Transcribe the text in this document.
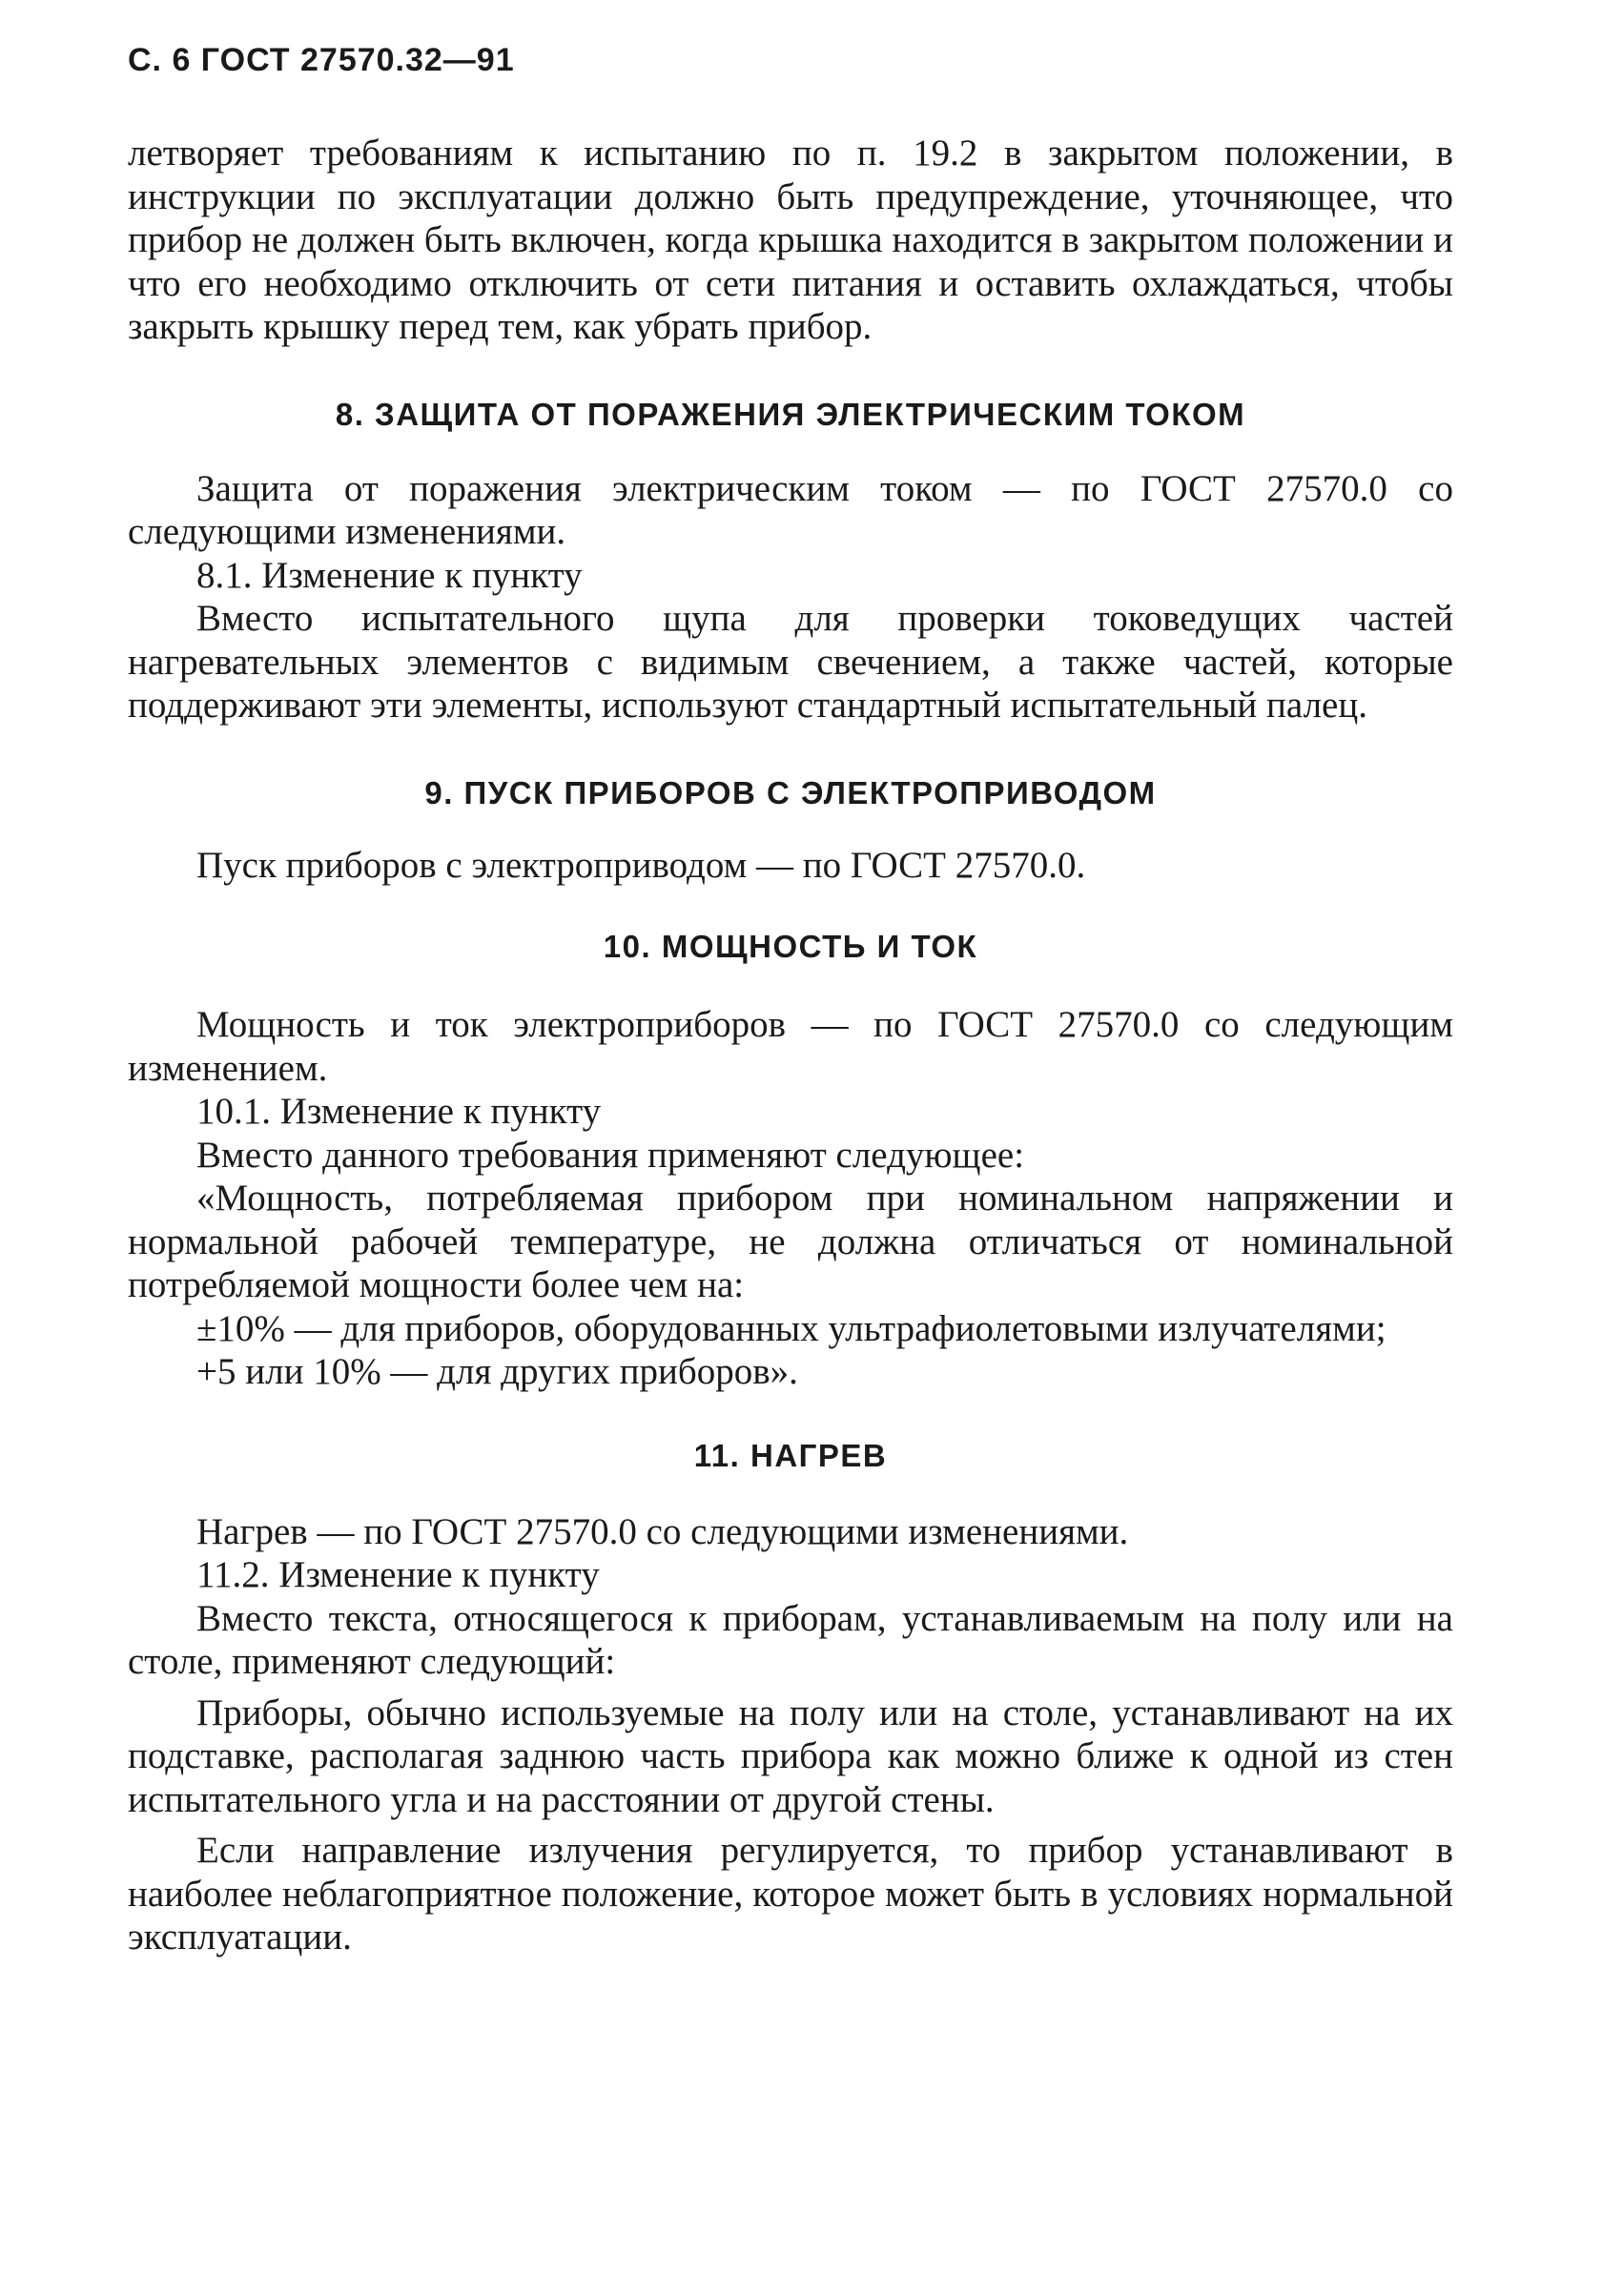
С. 6 ГОСТ 27570.32—91

летворяет требованиям к испытанию по п. 19.2 в закрытом положении, в инструкции по эксплуатации должно быть предупреждение, уточняющее, что прибор не должен быть включен, когда крышка находится в закрытом положении и что его необходимо отключить от сети питания и оставить охлаждаться, чтобы закрыть крышку перед тем, как убрать прибор.

8. ЗАЩИТА ОТ ПОРАЖЕНИЯ ЭЛЕКТРИЧЕСКИМ ТОКОМ

Защита от поражения электрическим током — по ГОСТ 27570.0 со следующими изменениями.

8.1. Изменение к пункту

Вместо испытательного щупа для проверки токоведущих частей нагревательных элементов с видимым свечением, а также частей, которые поддерживают эти элементы, используют стандартный испытательный палец.

9. ПУСК ПРИБОРОВ С ЭЛЕКТРОПРИВОДОМ

Пуск приборов с электроприводом — по ГОСТ 27570.0.

10. МОЩНОСТЬ И ТОК

Мощность и ток электроприборов — по ГОСТ 27570.0 со следующим изменением.

10.1. Изменение к пункту

Вместо данного требования применяют следующее:

«Мощность, потребляемая прибором при номинальном напряжении и нормальной рабочей температуре, не должна отличаться от номинальной потребляемой мощности более чем на:

±10% — для приборов, оборудованных ультрафиолетовыми излучателями;

+5 или 10% — для других приборов».

11. НАГРЕВ

Нагрев — по ГОСТ 27570.0 со следующими изменениями.

11.2. Изменение к пункту

Вместо текста, относящегося к приборам, устанавливаемым на полу или на столе, применяют следующий:

Приборы, обычно используемые на полу или на столе, устанавливают на их подставке, располагая заднюю часть прибора как можно ближе к одной из стен испытательного угла и на расстоянии от другой стены.

Если направление излучения регулируется, то прибор устанавливают в наиболее неблагоприятное положение, которое может быть в условиях нормальной эксплуатации.
